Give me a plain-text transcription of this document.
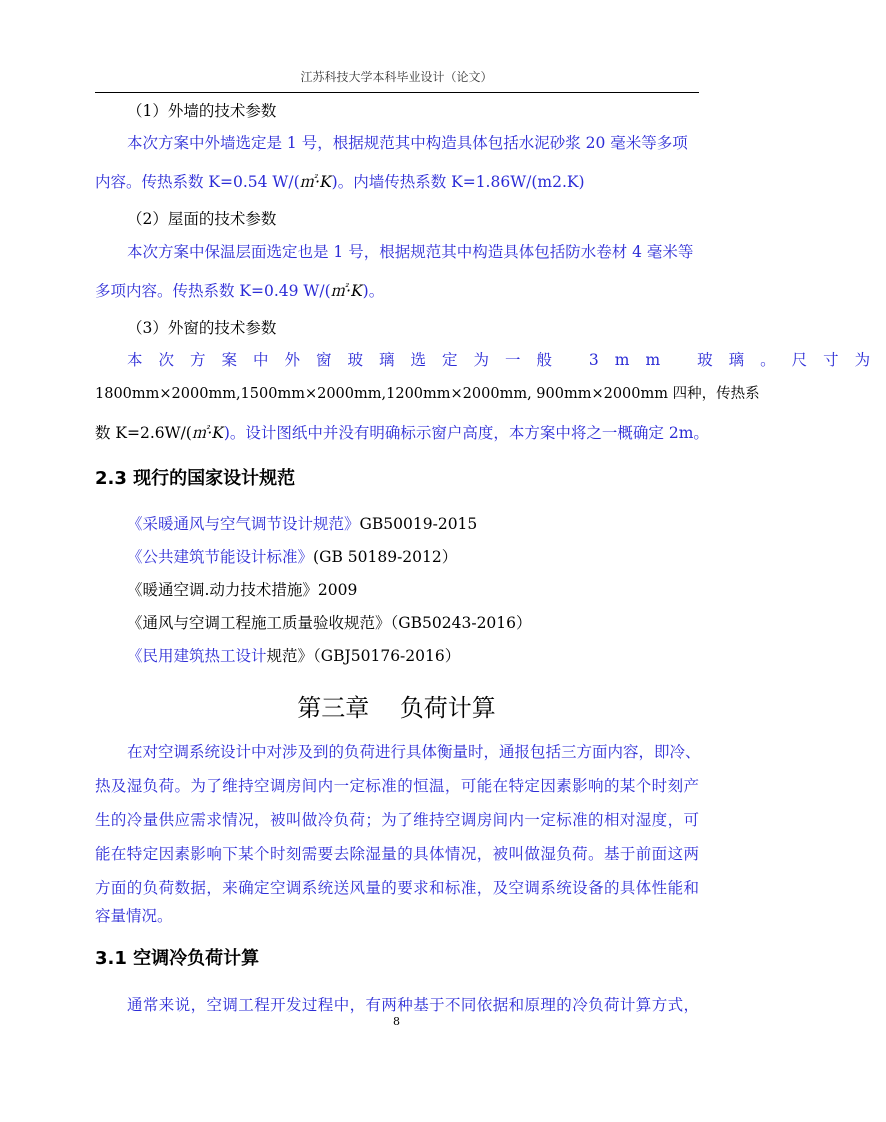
江苏科技大学本科毕业设计（论文）
（1）外墙的技术参数
本次方案中外墙选定是 1 号，根据规范其中构造具体包括水泥砂浆 20 毫米等多项
内容。传热系数 K=0.54 W/(㎡·K)。内墙传热系数 K=1.86W/(m2.K)
（2）屋面的技术参数
本次方案中保温层面选定也是 1 号，根据规范其中构造具体包括防水卷材 4 毫米等
多项内容。传热系数 K=0.49 W/(㎡·K)。
（3）外窗的技术参数
本次方案中外窗玻璃选定为一般 3mm 玻璃。尺寸为
1800mm×2000mm,1500mm×2000mm,1200mm×2000mm, 900mm×2000mm 四种，传热系
数 K=2.6W/(㎡·K)。设计图纸中并没有明确标示窗户高度，本方案中将之一概确定 2m。
2.3 现行的国家设计规范
《采暖通风与空气调节设计规范》GB50019-2015
《公共建筑节能设计标准》(GB 50189-2012）
《暖通空调.动力技术措施》2009
《通风与空调工程施工质量验收规范》（GB50243-2016）
《民用建筑热工设计规范》（GBJ50176-2016）
第三章    负荷计算
在对空调系统设计中对涉及到的负荷进行具体衡量时，通报包括三方面内容，即冷、
热及湿负荷。为了维持空调房间内一定标准的恒温，可能在特定因素影响的某个时刻产
生的冷量供应需求情况，被叫做冷负荷；为了维持空调房间内一定标准的相对湿度，可
能在特定因素影响下某个时刻需要去除湿量的具体情况，被叫做湿负荷。基于前面这两
方面的负荷数据，来确定空调系统送风量的要求和标准，及空调系统设备的具体性能和
容量情况。
3.1 空调冷负荷计算
通常来说，空调工程开发过程中，有两种基于不同依据和原理的冷负荷计算方式，
8
